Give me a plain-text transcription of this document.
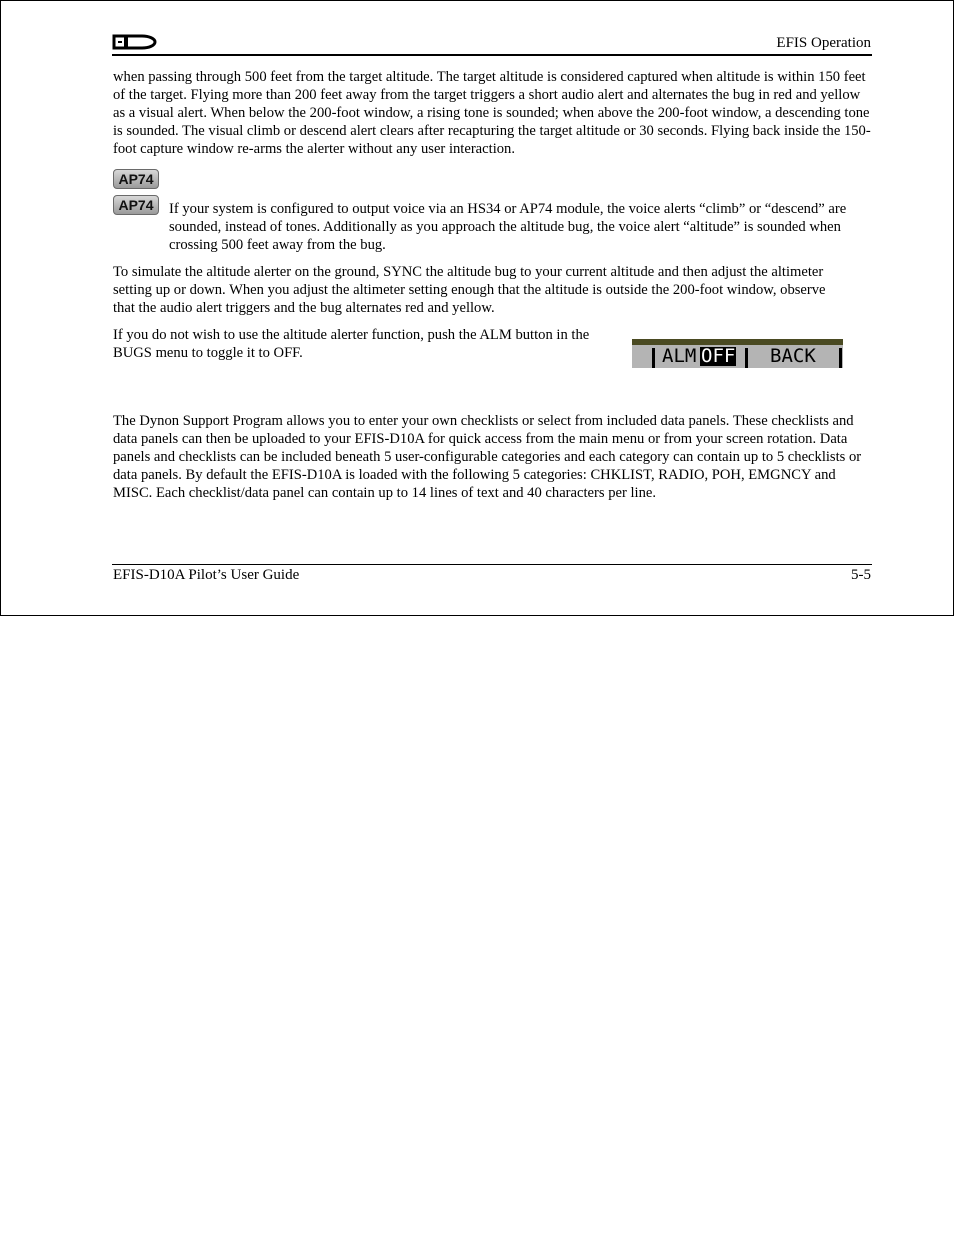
EFIS Operation

when passing through 500 feet from the target altitude. The target altitude is considered captured when altitude is within 150 feet of the target. Flying more than 200 feet away from the target triggers a short audio alert and alternates the bug in red and yellow as a visual alert. When below the 200-foot window, a rising tone is sounded; when above the 200-foot window, a descending tone is sounded. The visual climb or descend alert clears after recapturing the target altitude or 30 seconds. Flying back inside the 150-foot capture window re-arms the alerter without any user interaction.

AP74
AP74	If your system is configured to output voice via an HS34 or AP74 module, the voice alerts “climb” or “descend” are sounded, instead of tones. Additionally as you approach the altitude bug, the voice alert “altitude” is sounded when crossing 500 feet away from the bug.

To simulate the altitude alerter on the ground, SYNC the altitude bug to your current altitude and then adjust the altimeter setting up or down. When you adjust the altimeter setting enough that the altitude is outside the 200-foot window, observe that the audio alert triggers and the bug alternates red and yellow.

If you do not wish to use the altitude alerter function, push the ALM button in the BUGS menu to toggle it to OFF.	ALM OFF BACK

The Dynon Support Program allows you to enter your own checklists or select from included data panels. These checklists and data panels can then be uploaded to your EFIS-D10A for quick access from the main menu or from your screen rotation. Data panels and checklists can be included beneath 5 user-configurable categories and each category can contain up to 5 checklists or data panels. By default the EFIS-D10A is loaded with the following 5 categories: CHKLIST, RADIO, POH, EMGNCY and MISC. Each checklist/data panel can contain up to 14 lines of text and 40 characters per line.

EFIS-D10A Pilot’s User Guide	5-5
